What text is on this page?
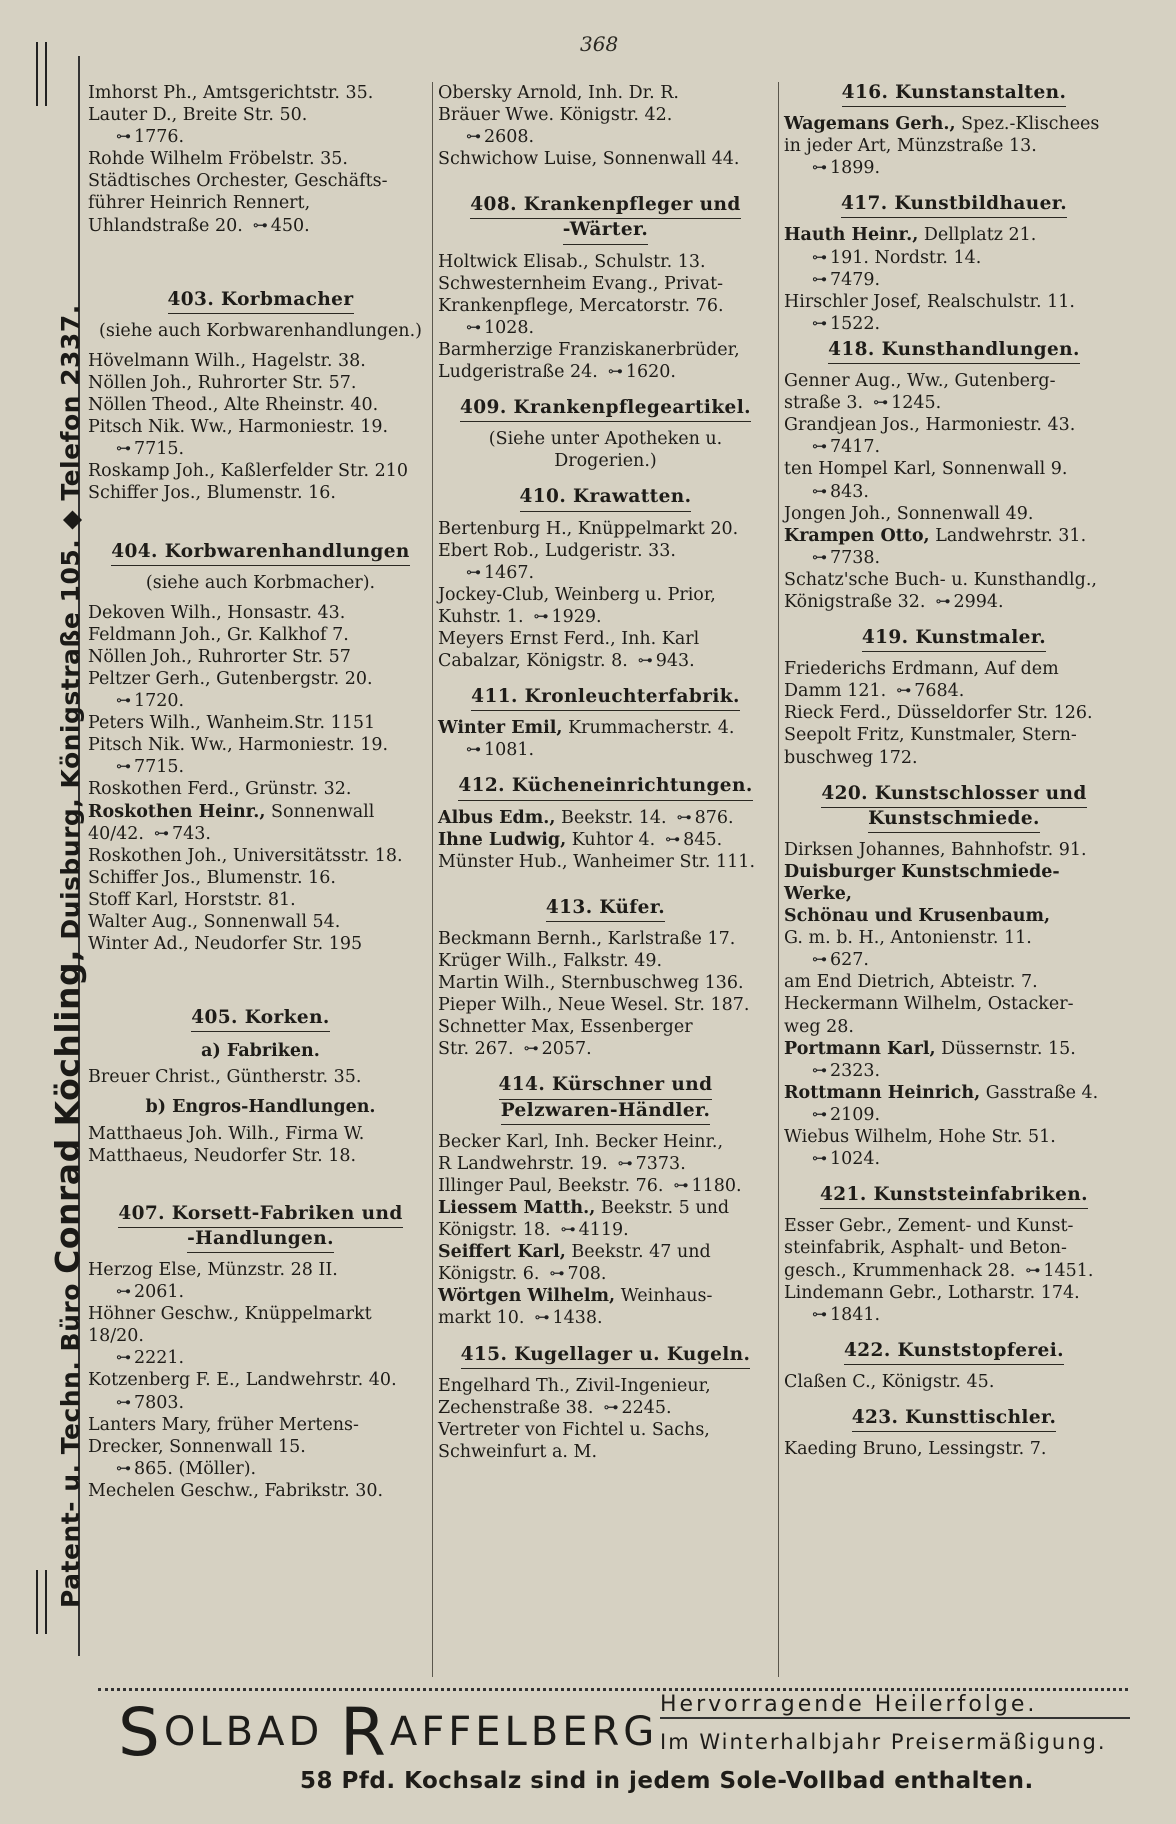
Patent- u. Techn. Büro Conrad Köchling, Duisburg, Königstraße 105. ◆ Telefon 2337.
368
Imhorst Ph., Amtsgerichtstr. 35.
Lauter D., Breite Str. 50.
⊶ 1776.
Rohde Wilhelm Fröbelstr. 35.
Städtisches Orchester, Geschäfts-
führer Heinrich Rennert,
Uhlandstraße 20. ⊶ 450.
403. Korbmacher
(siehe auch Korbwarenhandlungen.)
Hövelmann Wilh., Hagelstr. 38.
Nöllen Joh., Ruhrorter Str. 57.
Nöllen Theod., Alte Rheinstr. 40.
Pitsch Nik. Ww., Harmoniestr. 19.
⊶ 7715.
Roskamp Joh., Kaßlerfelder Str. 210
Schiffer Jos., Blumenstr. 16.
404. Korbwarenhandlungen
(siehe auch Korbmacher).
Dekoven Wilh., Honsastr. 43.
Feldmann Joh., Gr. Kalkhof 7.
Nöllen Joh., Ruhrorter Str. 57
Peltzer Gerh., Gutenbergstr. 20.
⊶ 1720.
Peters Wilh., Wanheim.Str. 1151
Pitsch Nik. Ww., Harmoniestr. 19.
⊶ 7715.
Roskothen Ferd., Grünstr. 32.
Roskothen Heinr., Sonnenwall
40/42. ⊶ 743.
Roskothen Joh., Universitätsstr. 18.
Schiffer Jos., Blumenstr. 16.
Stoff Karl, Horststr. 81.
Walter Aug., Sonnenwall 54.
Winter Ad., Neudorfer Str. 195
405. Korken.
a) Fabriken.
Breuer Christ., Güntherstr. 35.
b) Engros-Handlungen.
Matthaeus Joh. Wilh., Firma W.
Matthaeus, Neudorfer Str. 18.
407. Korsett-Fabriken und
-Handlungen.
Herzog Else, Münzstr. 28 II.
⊶ 2061.
Höhner Geschw., Knüppelmarkt 18/20.
⊶ 2221.
Kotzenberg F. E., Landwehrstr. 40.
⊶ 7803.
Lanters Mary, früher Mertens-
Drecker, Sonnenwall 15.
⊶ 865. (Möller).
Mechelen Geschw., Fabrikstr. 30.
Obersky Arnold, Inh. Dr. R.
Bräuer Wwe. Königstr. 42.
⊶ 2608.
Schwichow Luise, Sonnenwall 44.
408. Krankenpfleger und
-Wärter.
Holtwick Elisab., Schulstr. 13.
Schwesternheim Evang., Privat-
Krankenpflege, Mercatorstr. 76.
⊶ 1028.
Barmherzige Franziskanerbrüder,
Ludgeristraße 24. ⊶ 1620.
409. Krankenpflegeartikel.
(Siehe unter Apotheken u. Drogerien.)
410. Krawatten.
Bertenburg H., Knüppelmarkt 20.
Ebert Rob., Ludgeristr. 33.
⊶ 1467.
Jockey-Club, Weinberg u. Prior,
Kuhstr. 1. ⊶ 1929.
Meyers Ernst Ferd., Inh. Karl
Cabalzar, Königstr. 8. ⊶ 943.
411. Kronleuchterfabrik.
Winter Emil, Krummacherstr. 4.
⊶ 1081.
412. Kücheneinrichtungen.
Albus Edm., Beekstr. 14. ⊶ 876.
Ihne Ludwig, Kuhtor 4. ⊶ 845.
Münster Hub., Wanheimer Str. 111.
413. Küfer.
Beckmann Bernh., Karlstraße 17.
Krüger Wilh., Falkstr. 49.
Martin Wilh., Sternbuschweg 136.
Pieper Wilh., Neue Wesel. Str. 187.
Schnetter Max, Essenberger
Str. 267. ⊶ 2057.
414. Kürschner und
Pelzwaren-Händler.
Becker Karl, Inh. Becker Heinr.,
R Landwehrstr. 19. ⊶ 7373.
Illinger Paul, Beekstr. 76. ⊶ 1180.
Liessem Matth., Beekstr. 5 und
Königstr. 18. ⊶ 4119.
Seiffert Karl, Beekstr. 47 und
Königstr. 6. ⊶ 708.
Wörtgen Wilhelm, Weinhaus-
markt 10. ⊶ 1438.
415. Kugellager u. Kugeln.
Engelhard Th., Zivil-Ingenieur,
Zechenstraße 38. ⊶ 2245.
Vertreter von Fichtel u. Sachs,
Schweinfurt a. M.
416. Kunstanstalten.
Wagemans Gerh., Spez.-Klischees
in jeder Art, Münzstraße 13.
⊶ 1899.
417. Kunstbildhauer.
Hauth Heinr., Dellplatz 21.
⊶ 191. Nordstr. 14.
⊶ 7479.
Hirschler Josef, Realschulstr. 11.
⊶ 1522.
418. Kunsthandlungen.
Genner Aug., Ww., Gutenberg-
straße 3. ⊶ 1245.
Grandjean Jos., Harmoniestr. 43.
⊶ 7417.
ten Hompel Karl, Sonnenwall 9.
⊶ 843.
Jongen Joh., Sonnenwall 49.
Krampen Otto, Landwehrstr. 31.
⊶ 7738.
Schatz'sche Buch- u. Kunsthandlg.,
Königstraße 32. ⊶ 2994.
419. Kunstmaler.
Friederichs Erdmann, Auf dem
Damm 121. ⊶ 7684.
Rieck Ferd., Düsseldorfer Str. 126.
Seepolt Fritz, Kunstmaler, Stern-
buschweg 172.
420. Kunstschlosser und
Kunstschmiede.
Dirksen Johannes, Bahnhofstr. 91.
Duisburger Kunstschmiede-Werke,
Schönau und Krusenbaum,
G. m. b. H., Antonienstr. 11.
⊶ 627.
am End Dietrich, Abteistr. 7.
Heckermann Wilhelm, Ostacker-
weg 28.
Portmann Karl, Düssernstr. 15.
⊶ 2323.
Rottmann Heinrich, Gasstraße 4.
⊶ 2109.
Wiebus Wilhelm, Hohe Str. 51.
⊶ 1024.
421. Kunststeinfabriken.
Esser Gebr., Zement- und Kunst-
steinfabrik, Asphalt- und Beton-
gesch., Krummenhack 28. ⊶ 1451.
Lindemann Gebr., Lotharstr. 174.
⊶ 1841.
422. Kunststopferei.
Claßen C., Königstr. 45.
423. Kunsttischler.
Kaeding Bruno, Lessingstr. 7.
SOLBAD RAFFELBERG
Hervorragende Heilerfolge.
Im Winterhalbjahr Preisermäßigung.
58 Pfd. Kochsalz sind in jedem Sole-Vollbad enthalten.
